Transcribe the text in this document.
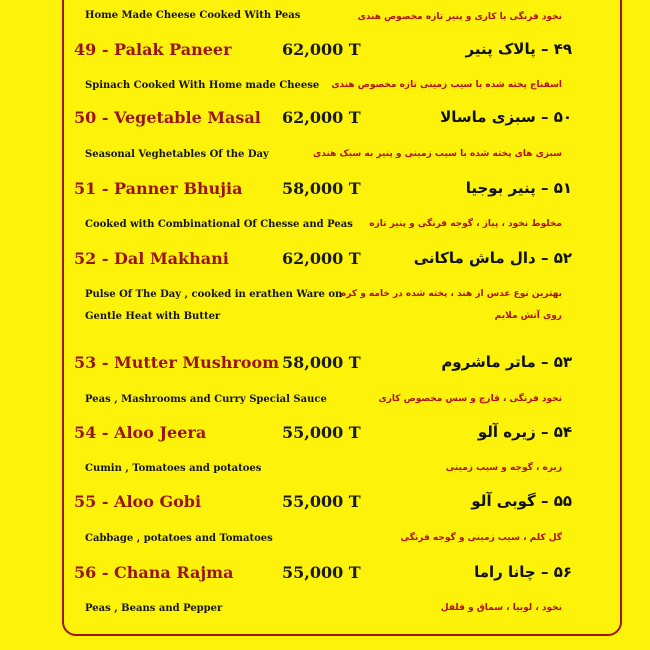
Home Made Cheese Cooked With Peas	نخود فرنگی با کاری و پنیر تازه مخصوص هندی
49 - Palak Paneer	62,000 T	۴۹ – پالاک پنیر
Spinach Cooked With Home made Cheese اسفناج پخته شده با سیب زمینی تازه مخصوص هندی
50 - Vegetable Masal 62,000 T	۵۰ – سبزی ماسالا
Seasonal Veghetables Of the Day	سبزی های پخته شده با سیب زمینی و پنیر به سبک هندی
51 - Panner Bhujia 58,000 T	۵۱ – پنیر بوجیا
Cooked with Combinational Of Chesse and Peas مخلوط نخود ، پیاز ، گوجه فرنگی و پنیر تازه
52 - Dal Makhani	62,000 T	۵۲ – دال ماش ماکانی
Pulse Of The Day , cooked in erathen Ware on
Gentle Heat with Butter
بهترین نوع عدس از هند ، پخته شده در خامه و کره
روی آتش ملایم
53 - Mutter Mushroom 58,000 T	۵۳ – ماتر ماشروم
Peas , Mashrooms and Curry Special Sauce	نخود فرنگی ، قارچ و سس مخصوص کاری
54 - Aloo Jeera	55,000 T	۵۴ – زیره آلو
Cumin , Tomatoes and potatoes	زیره ، گوجه و سیب زمینی
55 - Aloo Gobi	55,000 T	۵۵ – گوبی آلو
Cabbage , potatoes and Tomatoes	گل کلم ، سیب زمینی و گوجه فرنگی
56 - Chana Rajma	55,000 T	۵۶ – چانا راما
Peas , Beans and Pepper	نخود ، لوبیا ، سماق و فلفل
